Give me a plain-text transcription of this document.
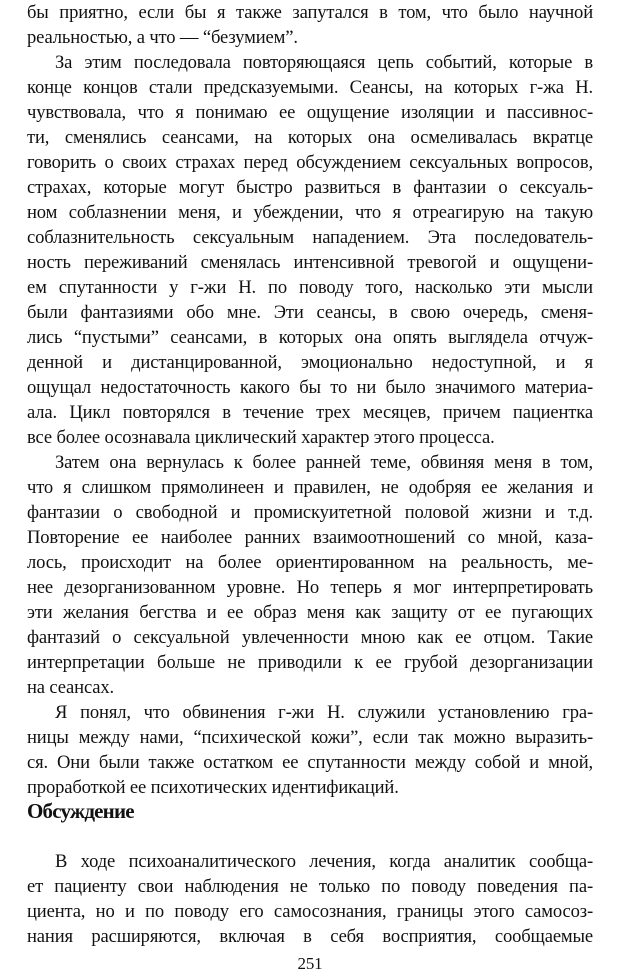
бы приятно, если бы я также запутался в том, что было научной
реальностью, а что — “безумием”.
За этим последовала повторяющаяся цепь событий, которые в
конце концов стали предсказуемыми. Сеансы, на которых г-жа Н.
чувствовала, что я понимаю ее ощущение изоляции и пассивнос-
ти, сменялись сеансами, на которых она осмеливалась вкратце
говорить о своих страхах перед обсуждением сексуальных вопросов,
страхах, которые могут быстро развиться в фантазии о сексуаль-
ном соблазнении меня, и убеждении, что я отреагирую на такую
соблазнительность сексуальным нападением. Эта последователь-
ность переживаний сменялась интенсивной тревогой и ощущени-
ем спутанности у г-жи Н. по поводу того, насколько эти мысли
были фантазиями обо мне. Эти сеансы, в свою очередь, сменя-
лись “пустыми” сеансами, в которых она опять выглядела отчуж-
денной и дистанцированной, эмоционально недоступной, и я
ощущал недостаточность какого бы то ни было значимого материа-
ала. Цикл повторялся в течение трех месяцев, причем пациентка
все более осознавала циклический характер этого процесса.
Затем она вернулась к более ранней теме, обвиняя меня в том,
что я слишком прямолинеен и правилен, не одобряя ее желания и
фантазии о свободной и промискуитетной половой жизни и т.д.
Повторение ее наиболее ранних взаимоотношений со мной, каза-
лось, происходит на более ориентированном на реальность, ме-
нее дезорганизованном уровне. Но теперь я мог интерпретировать
эти желания бегства и ее образ меня как защиту от ее пугающих
фантазий о сексуальной увлеченности мною как ее отцом. Такие
интерпретации больше не приводили к ее грубой дезорганизации
на сеансах.
Я понял, что обвинения г-жи Н. служили установлению гра-
ницы между нами, “психической кожи”, если так можно выразить-
ся. Они были также остатком ее спутанности между собой и мной,
проработкой ее психотических идентификаций.
Обсуждение
В ходе психоаналитического лечения, когда аналитик сообща-
ет пациенту свои наблюдения не только по поводу поведения па-
циента, но и по поводу его самосознания, границы этого самосоз-
нания расширяются, включая в себя восприятия, сообщаемые
251
